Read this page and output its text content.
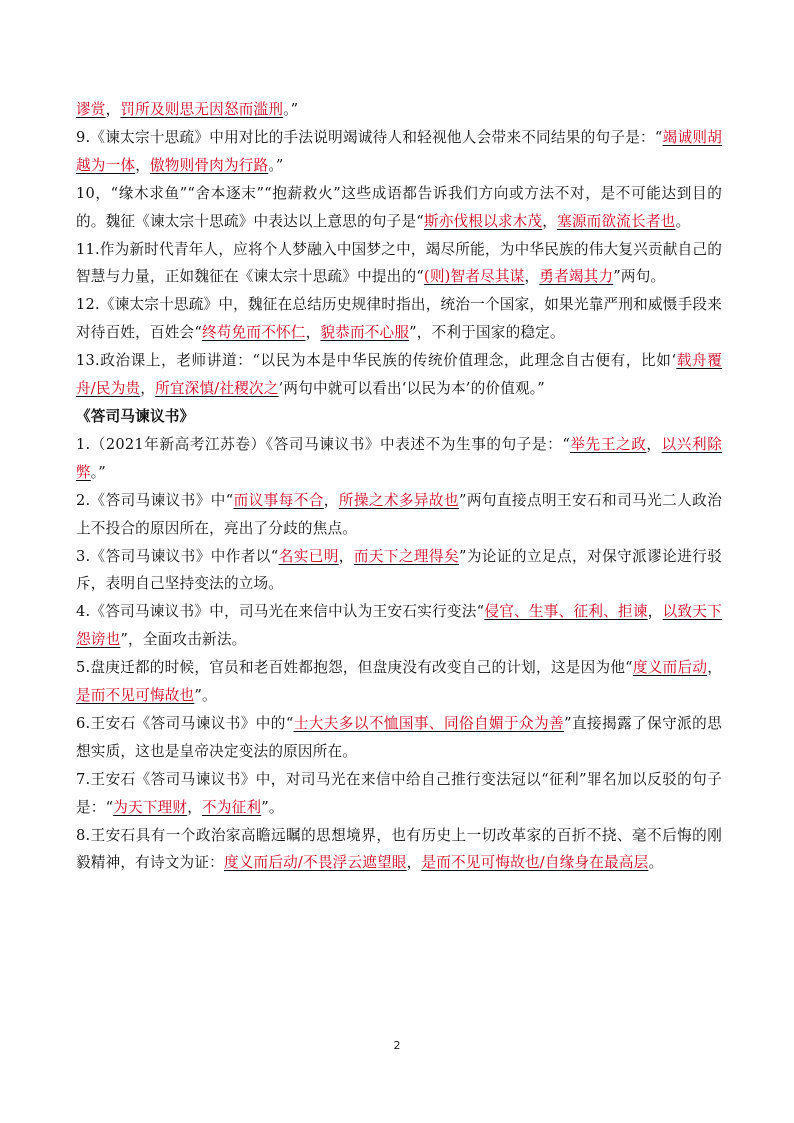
谬赏，罚所及则思无因怒而滥刑。”

9.《谏太宗十思疏》中用对比的手法说明竭诚待人和轻视他人会带来不同结果的句子是：“竭诚则胡越为一体，傲物则骨肉为行路。”

10，“缘木求鱼”“舍本逐末”“抱薪救火”这些成语都告诉我们方向或方法不对，是不可能达到目的的。魏征《谏太宗十思疏》中表达以上意思的句子是“斯亦伐根以求木茂，塞源而欲流长者也。

11.作为新时代青年人，应将个人梦融入中国梦之中，竭尽所能，为中华民族的伟大复兴贡献自己的智慧与力量，正如魏征在《谏太宗十思疏》中提出的“(则)智者尽其谋，勇者竭其力”两句。

12.《谏太宗十思疏》中，魏征在总结历史规律时指出，统治一个国家，如果光靠严刑和威慑手段来对待百姓，百姓会“终苟免而不怀仁，貌恭而不心服”，不利于国家的稳定。

13.政治课上，老师讲道：“以民为本是中华民族的传统价值理念，此理念自古便有，比如‘载舟覆舟/民为贵，所宜深慎/社稷次之’两句中就可以看出‘以民为本’的价值观。”

《答司马谏议书》

1.（2021年新高考江苏卷）《答司马谏议书》中表述不为生事的句子是：“举先王之政，以兴利除弊。”

2.《答司马谏议书》中“而议事每不合，所操之术多异故也”两句直接点明王安石和司马光二人政治上不投合的原因所在，亮出了分歧的焦点。

3.《答司马谏议书》中作者以“名实已明，而天下之理得矣”为论证的立足点，对保守派谬论进行驳斥，表明自己坚持变法的立场。

4.《答司马谏议书》中，司马光在来信中认为王安石实行变法“侵官、生事、征利、拒谏，以致天下怨谤也”，全面攻击新法。

5.盘庚迁都的时候，官员和老百姓都抱怨，但盘庚没有改变自己的计划，这是因为他“度义而后动，是而不见可悔故也”。

6.王安石《答司马谏议书》中的“士大夫多以不恤国事、同俗自媚于众为善”直接揭露了保守派的思想实质，这也是皇帝决定变法的原因所在。

7.王安石《答司马谏议书》中，对司马光在来信中给自己推行变法冠以“征利”罪名加以反驳的句子是：“为天下理财，不为征利”。

8.王安石具有一个政治家高瞻远瞩的思想境界，也有历史上一切改革家的百折不挠、毫不后悔的刚毅精神，有诗文为证：度义而后动/不畏浮云遮望眼，是而不见可悔故也/自缘身在最高层。

2
